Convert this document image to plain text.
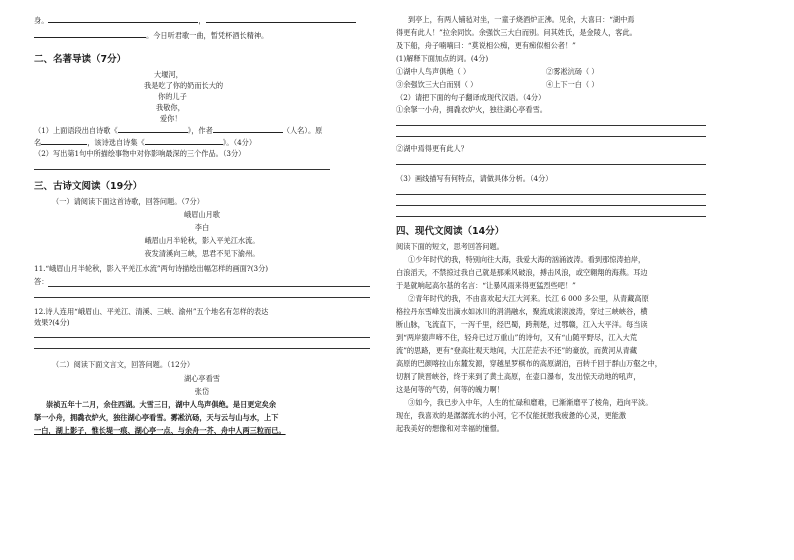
身。	，
。今日听君歌一曲，暂凭杯酒长精神。
二、名著导读（7分）
大堰河，
我是吃了你的奶而长大的
你的儿子
我敬你，
爱你！
（1）上面语段出自诗歌《	》，作者	（人名）。原
名	，该诗选自诗集《	》。（4分）
（2）写出第1句中所描绘事物中对你影响最深的三个作品。（3分）
三、古诗文阅读（19分）
（一）请阅读下面这首诗歌，回答问题。（7分）
峨眉山月歌
李白
峨眉山月半轮秋，影入平羌江水流。
夜发清溪向三峡，思君不见下渝州。
11.“峨眉山月半轮秋，影入平羌江水流”两句诗描绘出幅怎样的画面?(3分)
答：
12.诗人连用“峨眉山、平羌江、清溪、三峡、渝州”五个地名有怎样的表达
效果?(4分)
（二）阅读下面文言文，回答问题。（12分）
湖心亭看雪
张岱
崇祯五年十二月，余住西湖。大雪三日，湖中人鸟声俱绝。是日更定矣余
拏一小舟，拥毳衣炉火，独往湖心亭看雪。雾凇沆砀，天与云与山与水，上下
一白，湖上影子，惟长堤一痕、湖心亭一点、与余舟一芥、舟中人两三粒而已。
到亭上，有两人铺毡对坐，一童子烧酒炉正沸。见余，大喜曰：“湖中焉
得更有此人！”拉余同饮。余强饮三大白而别。问其姓氏，是金陵人，客此。
及下船，舟子喃喃曰：“莫说相公痴，更有痴似相公者！”
(1)解释下面加点的词。(4分)
①湖中人鸟声俱绝（ ）	②雾凇沆砀（ ）
③余强饮三大白而别（ ）	④上下一白（ ）
（2）请把下面的句子翻译成现代汉语。（4分）
①余拏一小舟，拥毳衣炉火，独往湖心亭看雪。
②湖中焉得更有此人？
（3）画线描写有何特点，请做具体分析。（4分）
四、现代文阅读（14分）
阅读下面的短文，思考回答问题。
①少年时代的我，特别向往大海，我爱大海的汹涌波涛。看到那惊涛拍岸，
白浪滔天，不禁掠过我自己就是那乘风破浪，搏击风浪，或空翱翔的海燕。耳边
于是就响起高尔基的名言：“让暴风雨来得更猛烈些吧！”
②青年时代的我，不由喜欢起大江大河来。长江 6 000 多公里，从青藏高原
格拉丹东雪峰发出滴水如冰川的涓涓融水，聚流成滚滚波涛，穿过三峡峡谷，横
断山脉，飞流直下，一泻千里，经巴蜀，跨荆楚，过鄂赣，江入大平洋。每当读
到“两岸猿声啼不住，轻舟已过万重山”的诗句，又有“山随平野尽，江入大荒
流”的思路，更有“登高壮观天地间，大江茫茫去不还”的豪放，而黄河从青藏
高原的巴颜喀拉山东麓发源，穿越星罗棋布的高原湖泊，百转千回于群山万壑之中，
切割了陕晋峡谷，终于来到了黄土高原，在壶口瀑布，发出惊天动地的吼声，
这是何等的气势，何等的魄力啊！
③如今，我已步入中年，人生的忙碌和磨难，已渐渐磨平了棱角，趋向平淡。
现在，我喜欢的是潺潺流水的小河，它不仅能抚慰我疲惫的心灵，更能激
起我美好的想像和对幸福的憧憬。
